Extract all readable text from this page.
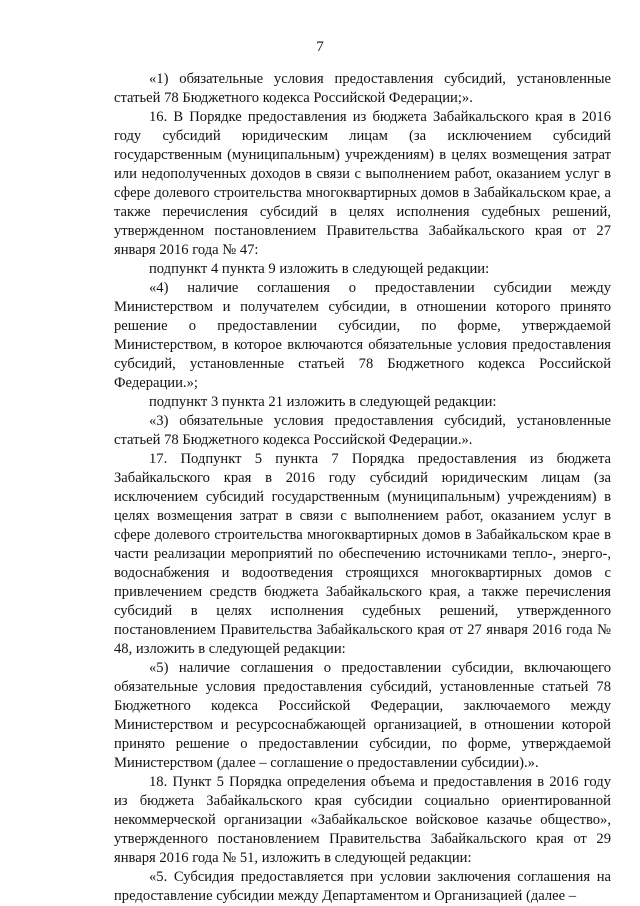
7

«1) обязательные условия предоставления субсидий, установленные статьей 78 Бюджетного кодекса Российской Федерации;».

16. В Порядке предоставления из бюджета Забайкальского края в 2016 году субсидий юридическим лицам (за исключением субсидий государственным (муниципальным) учреждениям) в целях возмещения затрат или недополученных доходов в связи с выполнением работ, оказанием услуг в сфере долевого строительства многоквартирных домов в Забайкальском крае, а также перечисления субсидий в целях исполнения судебных решений, утвержденном постановлением Правительства Забайкальского края от 27 января 2016 года № 47:

подпункт 4 пункта 9 изложить в следующей редакции:

«4) наличие соглашения о предоставлении субсидии между Министерством и получателем субсидии, в отношении которого принято решение о предоставлении субсидии, по форме, утверждаемой Министерством, в которое включаются обязательные условия предоставления субсидий, установленные статьей 78 Бюджетного кодекса Российской Федерации.»;

подпункт 3 пункта 21 изложить в следующей редакции:

«3) обязательные условия предоставления субсидий, установленные статьей 78 Бюджетного кодекса Российской Федерации.».

17. Подпункт 5 пункта 7 Порядка предоставления из бюджета Забайкальского края в 2016 году субсидий юридическим лицам (за исключением субсидий государственным (муниципальным) учреждениям) в целях возмещения затрат в связи с выполнением работ, оказанием услуг в сфере долевого строительства многоквартирных домов в Забайкальском крае в части реализации мероприятий по обеспечению источниками тепло-, энерго-, водоснабжения и водоотведения строящихся многоквартирных домов с привлечением средств бюджета Забайкальского края, а также перечисления субсидий в целях исполнения судебных решений, утвержденного постановлением Правительства Забайкальского края от 27 января 2016 года № 48, изложить в следующей редакции:

«5) наличие соглашения о предоставлении субсидии, включающего обязательные условия предоставления субсидий, установленные статьей 78 Бюджетного кодекса Российской Федерации, заключаемого между Министерством и ресурсоснабжающей организацией, в отношении которой принято решение о предоставлении субсидии, по форме, утверждаемой Министерством (далее – соглашение о предоставлении субсидии).».

18. Пункт 5 Порядка определения объема и предоставления в 2016 году из бюджета Забайкальского края субсидии социально ориентированной некоммерческой организации «Забайкальское войсковое казачье общество», утвержденного постановлением Правительства Забайкальского края от 29 января 2016 года № 51, изложить в следующей редакции:

«5. Субсидия предоставляется при условии заключения соглашения на предоставление субсидии между Департаментом и Организацией (далее –
